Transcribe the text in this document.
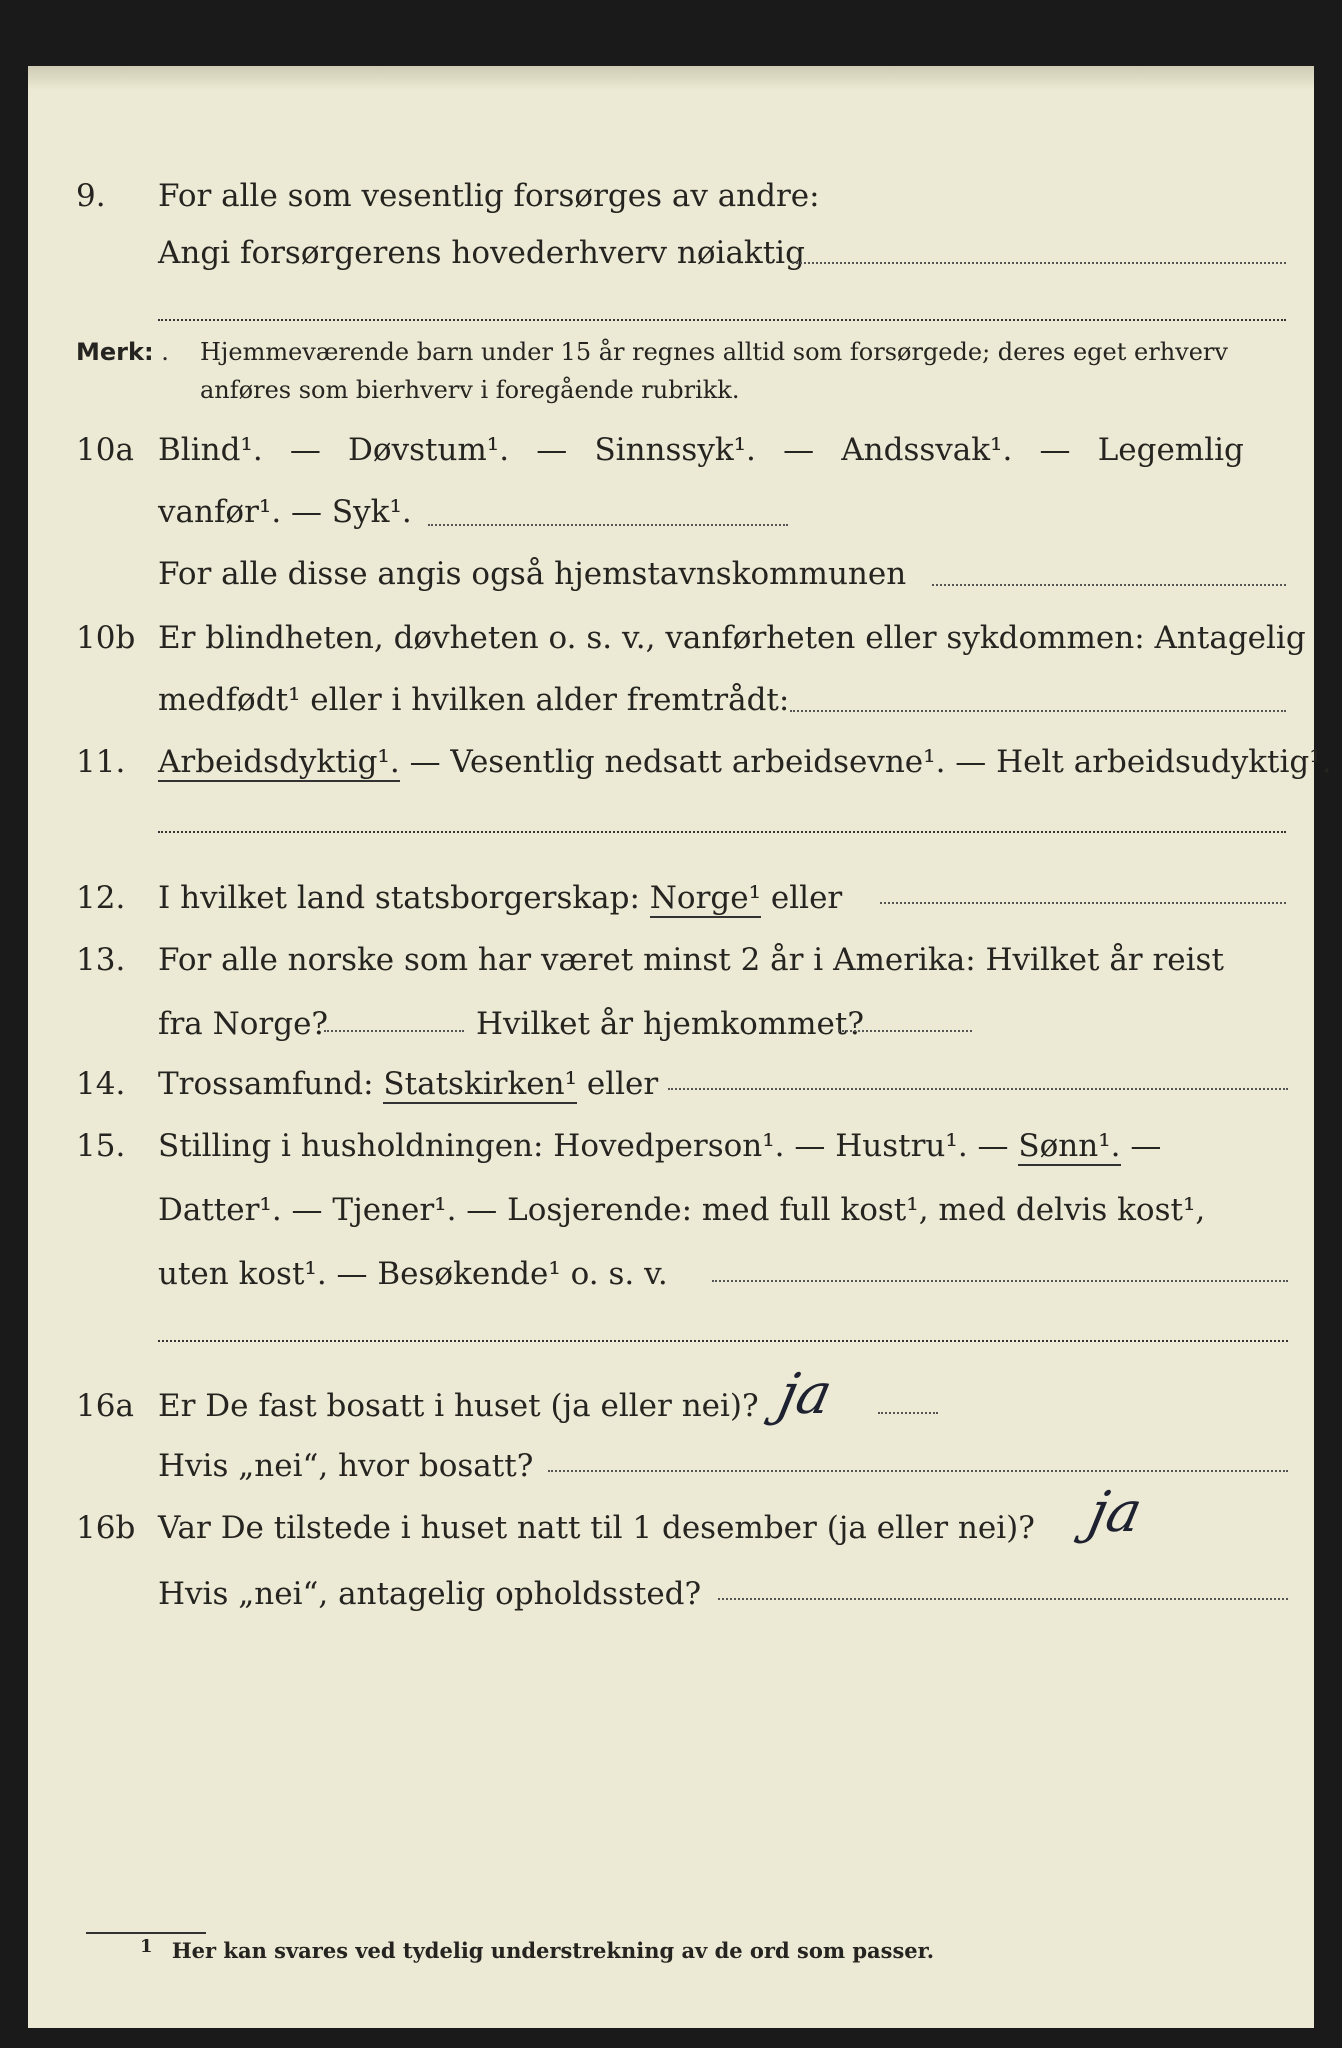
9. For alle som vesentlig forsørges av andre:
Angi forsørgerens hovederhverv nøiaktig
Merk: . Hjemmeværende barn under 15 år regnes alltid som forsørgede; deres eget erhverv
anføres som bierhverv i foregående rubrikk.
10a Blind¹. — Døvstum¹. — Sinnssyk¹. — Andssvak¹. — Legemlig
vanfør¹. — Syk¹.
For alle disse angis også hjemstavnskommunen
10b Er blindheten, døvheten o. s. v., vanførheten eller sykdommen: Antagelig
medfødt¹ eller i hvilken alder fremtrådt:
11. Arbeidsdyktig¹. — Vesentlig nedsatt arbeidsevne¹. — Helt arbeidsudyktig¹.
12. I hvilket land statsborgerskap: Norge¹ eller
13. For alle norske som har været minst 2 år i Amerika: Hvilket år reist
fra Norge?	Hvilket år hjemkommet?
14. Trossamfund: Statskirken¹ eller
15. Stilling i husholdningen: Hovedperson¹. — Hustru¹. — Sønn¹. —
Datter¹. — Tjener¹. — Losjerende: med full kost¹, med delvis kost¹,
uten kost¹. — Besøkende¹ o. s. v.
16a Er De fast bosatt i huset (ja eller nei)? ja
Hvis „nei“, hvor bosatt?
16b Var De tilstede i huset natt til 1 desember (ja eller nei)? ja
Hvis „nei“, antagelig opholdssted?
$^1$ Her kan svares ved tydelig understrekning av de ord som passer.
